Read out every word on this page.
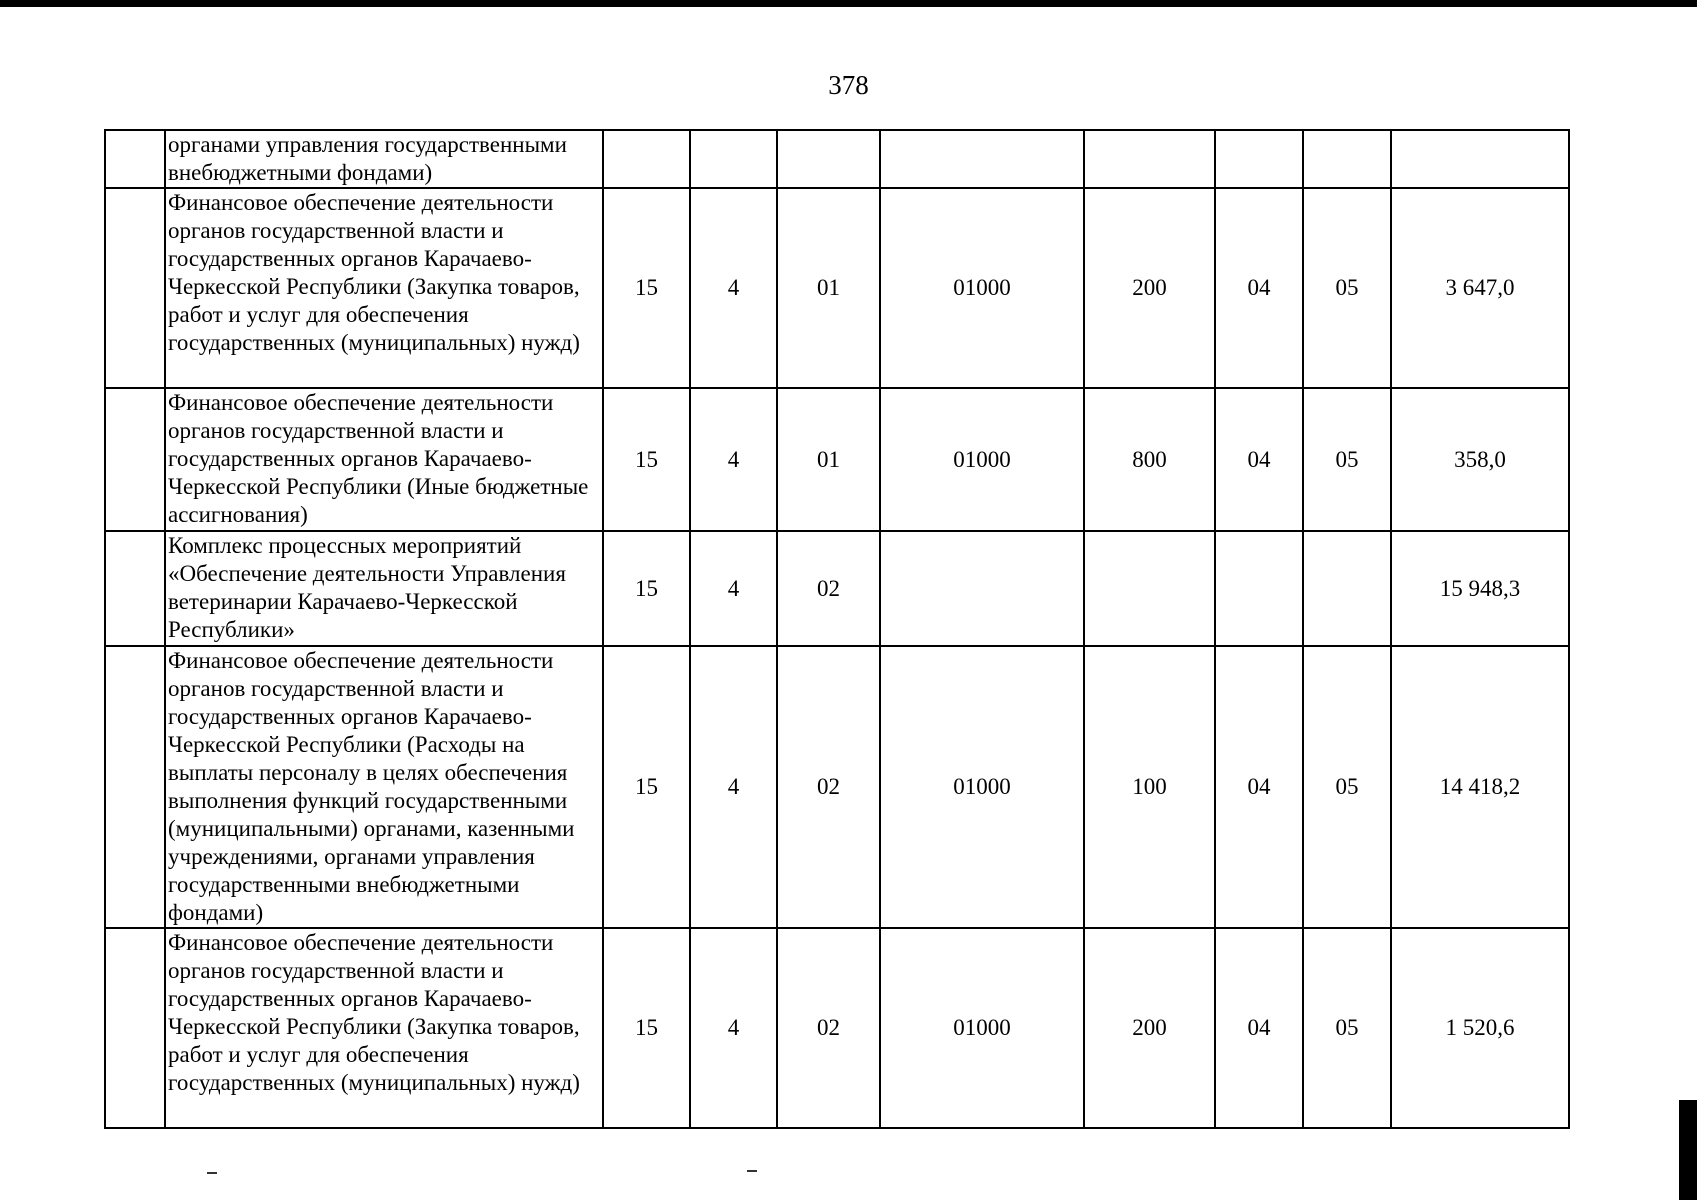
378
	органами управления государственными внебюджетными фондами)								
	Финансовое обеспечение деятельности органов государственной власти и государственных органов Карачаево-Черкесской Республики (Закупка товаров, работ и услуг для обеспечения государственных (муниципальных) нужд)	15	4	01	01000	200	04	05	3 647,0
	Финансовое обеспечение деятельности органов государственной власти и государственных органов Карачаево-Черкесской Республики (Иные бюджетные ассигнования)	15	4	01	01000	800	04	05	358,0
	Комплекс процессных мероприятий «Обеспечение деятельности Управления ветеринарии Карачаево-Черкесской Республики»	15	4	02					15 948,3
	Финансовое обеспечение деятельности органов государственной власти и государственных органов Карачаево-Черкесской Республики (Расходы на выплаты персоналу в целях обеспечения выполнения функций государственными (муниципальными) органами, казенными учреждениями, органами управления государственными внебюджетными фондами)	15	4	02	01000	100	04	05	14 418,2
	Финансовое обеспечение деятельности органов государственной власти и государственных органов Карачаево-Черкесской Республики (Закупка товаров, работ и услуг для обеспечения государственных (муниципальных) нужд)	15	4	02	01000	200	04	05	1 520,6
